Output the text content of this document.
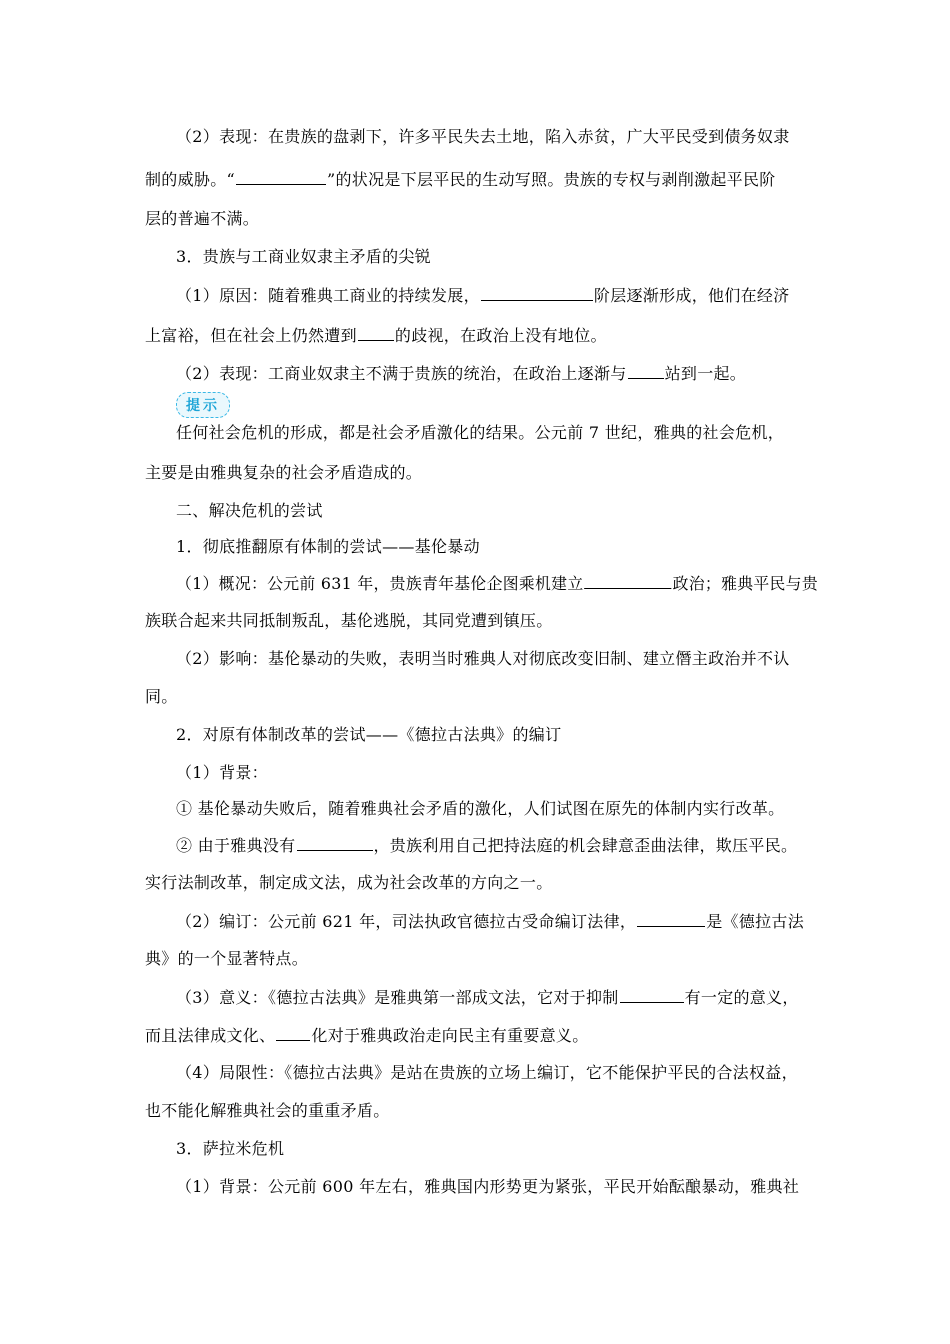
（2）表现：在贵族的盘剥下，许多平民失去土地，陷入赤贫，广大平民受到债务奴隶
制的威胁。“	”的状况是下层平民的生动写照。贵族的专权与剥削激起平民阶
层的普遍不满。
3．贵族与工商业奴隶主矛盾的尖锐
（1）原因：随着雅典工商业的持续发展，	阶层逐渐形成，他们在经济
上富裕，但在社会上仍然遭到 的歧视，在政治上没有地位。
（2）表现：工商业奴隶主不满于贵族的统治，在政治上逐渐与 站到一起。
提示
任何社会危机的形成，都是社会矛盾激化的结果。公元前 7 世纪，雅典的社会危机，
主要是由雅典复杂的社会矛盾造成的。
二、解决危机的尝试
1．彻底推翻原有体制的尝试——基伦暴动
（1）概况：公元前 631 年，贵族青年基伦企图乘机建立	政治；雅典平民与贵
族联合起来共同抵制叛乱，基伦逃脱，其同党遭到镇压。
（2）影响：基伦暴动的失败，表明当时雅典人对彻底改变旧制、建立僭主政治并不认
同。
2．对原有体制改革的尝试——《德拉古法典》的编订
（1）背景：
① 基伦暴动失败后，随着雅典社会矛盾的激化，人们试图在原先的体制内实行改革。
② 由于雅典没有	，贵族利用自己把持法庭的机会肆意歪曲法律，欺压平民。
实行法制改革，制定成文法，成为社会改革的方向之一。
（2）编订：公元前 621 年，司法执政官德拉古受命编订法律，	是《德拉古法
典》的一个显著特点。
（3）意义：《德拉古法典》是雅典第一部成文法，它对于抑制	有一定的意义，
而且法律成文化、 化对于雅典政治走向民主有重要意义。
（4）局限性：《德拉古法典》是站在贵族的立场上编订，它不能保护平民的合法权益，
也不能化解雅典社会的重重矛盾。
3．萨拉米危机
（1）背景：公元前 600 年左右，雅典国内形势更为紧张，平民开始酝酿暴动，雅典社
